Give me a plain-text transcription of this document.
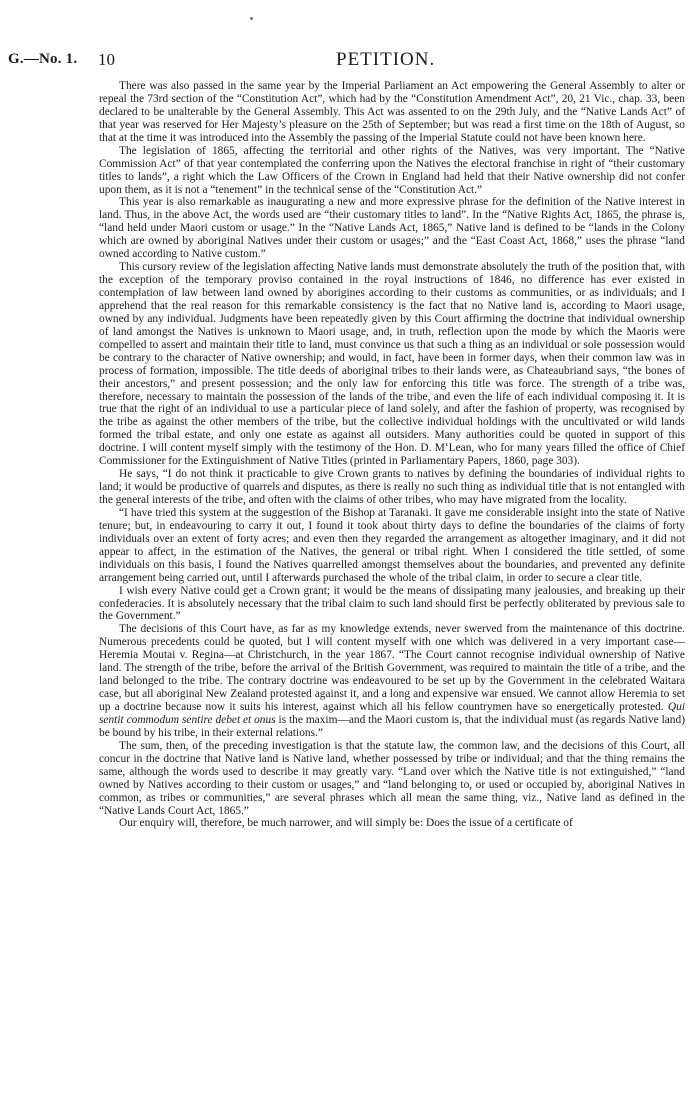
G.—No. 1. 10	PETITION.

There was also passed in the same year by the Imperial Parliament an Act empowering the General Assembly to alter or repeal the 73rd section of the “Constitution Act”, which had by the “Constitution Amendment Act”, 20, 21 Vic., chap. 33, been declared to be unalterable by the General Assembly. This Act was assented to on the 29th July, and the “Native Lands Act” of that year was reserved for Her Majesty’s pleasure on the 25th of September; but was read a first time on the 18th of August, so that at the time it was introduced into the Assembly the passing of the Imperial Statute could not have been known here.

The legislation of 1865, affecting the territorial and other rights of the Natives, was very important. The “Native Commission Act” of that year contemplated the conferring upon the Natives the electoral franchise in right of “their customary titles to lands”, a right which the Law Officers of the Crown in England had held that their Native ownership did not confer upon them, as it is not a “tenement” in the technical sense of the “Constitution Act.”

This year is also remarkable as inaugurating a new and more expressive phrase for the definition of the Native interest in land. Thus, in the above Act, the words used are “their customary titles to land”. In the “Native Rights Act, 1865, the phrase is, “land held under Maori custom or usage.” In the “Native Lands Act, 1865,” Native land is defined to be “lands in the Colony which are owned by aboriginal Natives under their custom or usages;” and the “East Coast Act, 1868,” uses the phrase “land owned according to Native custom.”

This cursory review of the legislation affecting Native lands must demonstrate absolutely the truth of the position that, with the exception of the temporary proviso contained in the royal instructions of 1846, no difference has ever existed in contemplation of law between land owned by aborigines according to their customs as communities, or as individuals; and I apprehend that the real reason for this remarkable consistency is the fact that no Native land is, according to Maori usage, owned by any individual. Judgments have been repeatedly given by this Court affirming the doctrine that individual ownership of land amongst the Natives is unknown to Maori usage, and, in truth, reflection upon the mode by which the Maoris were compelled to assert and maintain their title to land, must convince us that such a thing as an individual or sole possession would be contrary to the character of Native ownership; and would, in fact, have been in former days, when their common law was in process of formation, impossible. The title deeds of aboriginal tribes to their lands were, as Chateaubriand says, “the bones of their ancestors,” and present possession; and the only law for enforcing this title was force. The strength of a tribe was, therefore, necessary to maintain the possession of the lands of the tribe, and even the life of each individual composing it. It is true that the right of an individual to use a particular piece of land solely, and after the fashion of property, was recognised by the tribe as against the other members of the tribe, but the collective individual holdings with the uncultivated or wild lands formed the tribal estate, and only one estate as against all outsiders. Many authorities could be quoted in support of this doctrine. I will content myself simply with the testimony of the Hon. D. M‘Lean, who for many years filled the office of Chief Commissioner for the Extinguishment of Native Titles (printed in Parliamentary Papers, 1860, page 303).

He says, “I do not think it practicable to give Crown grants to natives by defining the boundaries of individual rights to land; it would be productive of quarrels and disputes, as there is really no such thing as individual title that is not entangled with the general interests of the tribe, and often with the claims of other tribes, who may have migrated from the locality.

“I have tried this system at the suggestion of the Bishop at Taranaki. It gave me considerable insight into the state of Native tenure; but, in endeavouring to carry it out, I found it took about thirty days to define the boundaries of the claims of forty individuals over an extent of forty acres; and even then they regarded the arrangement as altogether imaginary, and it did not appear to affect, in the estimation of the Natives, the general or tribal right. When I considered the title settled, of some individuals on this basis, I found the Natives quarrelled amongst themselves about the boundaries, and prevented any definite arrangement being carried out, until I afterwards purchased the whole of the tribal claim, in order to secure a clear title.

I wish every Native could get a Crown grant; it would be the means of dissipating many jealousies, and breaking up their confederacies. It is absolutely necessary that the tribal claim to such land should first be perfectly obliterated by previous sale to the Government.”

The decisions of this Court have, as far as my knowledge extends, never swerved from the maintenance of this doctrine. Numerous precedents could be quoted, but I will content myself with one which was delivered in a very important case—Heremia Moutai v. Regina—at Christchurch, in the year 1867. “The Court cannot recognise individual ownership of Native land. The strength of the tribe, before the arrival of the British Government, was required to maintain the title of a tribe, and the land belonged to the tribe. The contrary doctrine was endeavoured to be set up by the Government in the celebrated Waitara case, but all aboriginal New Zealand protested against it, and a long and expensive war ensued. We cannot allow Heremia to set up a doctrine because now it suits his interest, against which all his fellow countrymen have so energetically protested. Qui sentit commodum sentire debet et onus is the maxim—and the Maori custom is, that the individual must (as regards Native land) be bound by his tribe, in their external relations.”

The sum, then, of the preceding investigation is that the statute law, the common law, and the decisions of this Court, all concur in the doctrine that Native land is Native land, whether possessed by tribe or individual; and that the thing remains the same, although the words used to describe it may greatly vary. “Land over which the Native title is not extinguished,” “land owned by Natives according to their custom or usages,” and “land belonging to, or used or occupied by, aboriginal Natives in common, as tribes or communities,” are several phrases which all mean the same thing, viz., Native land as defined in the “Native Lands Court Act, 1865.”

Our enquiry will, therefore, be much narrower, and will simply be: Does the issue of a certificate of
